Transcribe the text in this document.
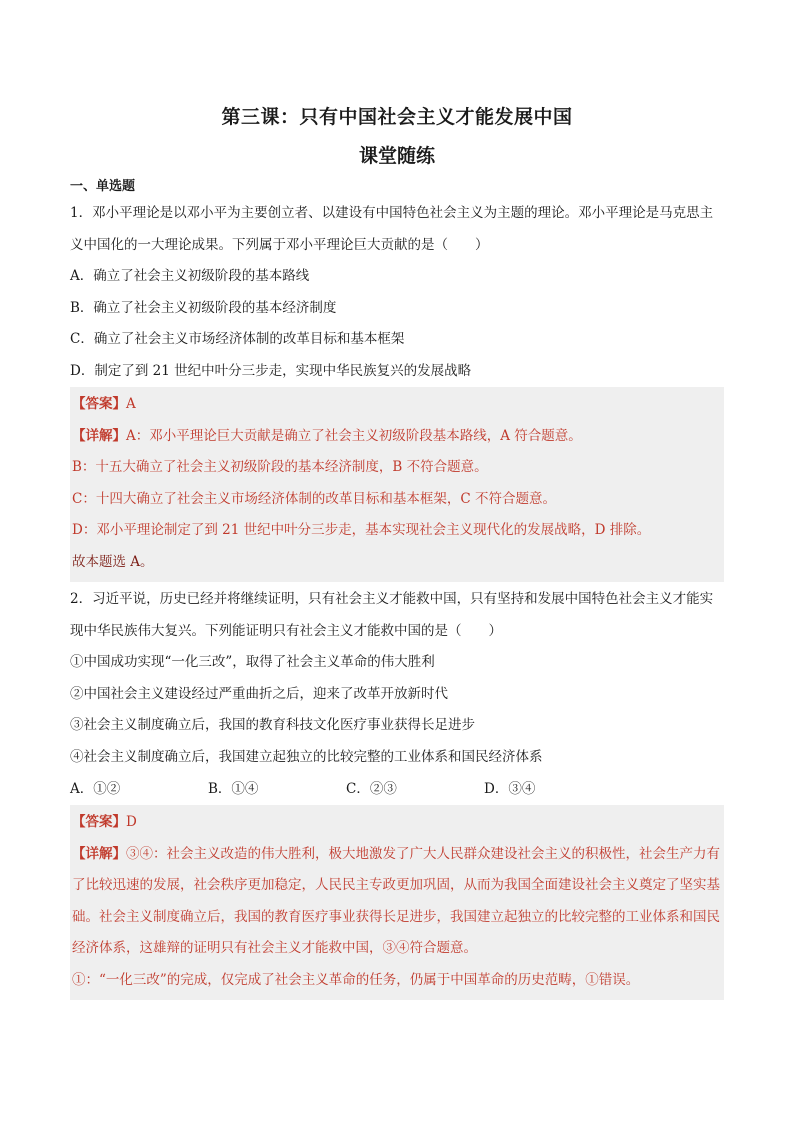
第三课：只有中国社会主义才能发展中国
课堂随练
一、单选题
1．邓小平理论是以邓小平为主要创立者、以建设有中国特色社会主义为主题的理论。邓小平理论是马克思主义中国化的一大理论成果。下列属于邓小平理论巨大贡献的是（　　）
A．确立了社会主义初级阶段的基本路线
B．确立了社会主义初级阶段的基本经济制度
C．确立了社会主义市场经济体制的改革目标和基本框架
D．制定了到 21 世纪中叶分三步走，实现中华民族复兴的发展战略
【答案】A
【详解】A：邓小平理论巨大贡献是确立了社会主义初级阶段基本路线，A 符合题意。
B：十五大确立了社会主义初级阶段的基本经济制度，B 不符合题意。
C：十四大确立了社会主义市场经济体制的改革目标和基本框架，C 不符合题意。
D：邓小平理论制定了到 21 世纪中叶分三步走，基本实现社会主义现代化的发展战略，D 排除。
故本题选 A。
2．习近平说，历史已经并将继续证明，只有社会主义才能救中国，只有坚持和发展中国特色社会主义才能实现中华民族伟大复兴。下列能证明只有社会主义才能救中国的是（　　）
①中国成功实现“一化三改”，取得了社会主义革命的伟大胜利
②中国社会主义建设经过严重曲折之后，迎来了改革开放新时代
③社会主义制度确立后，我国的教育科技文化医疗事业获得长足进步
④社会主义制度确立后，我国建立起独立的比较完整的工业体系和国民经济体系
A．①②	B．①④	C．②③	D．③④
【答案】D
【详解】③④：社会主义改造的伟大胜利，极大地激发了广大人民群众建设社会主义的积极性，社会生产力有了比较迅速的发展，社会秩序更加稳定，人民民主专政更加巩固，从而为我国全面建设社会主义奠定了坚实基础。社会主义制度确立后，我国的教育医疗事业获得长足进步，我国建立起独立的比较完整的工业体系和国民经济体系，这雄辩的证明只有社会主义才能救中国，③④符合题意。
①：“一化三改”的完成，仅完成了社会主义革命的任务，仍属于中国革命的历史范畴，①错误。
